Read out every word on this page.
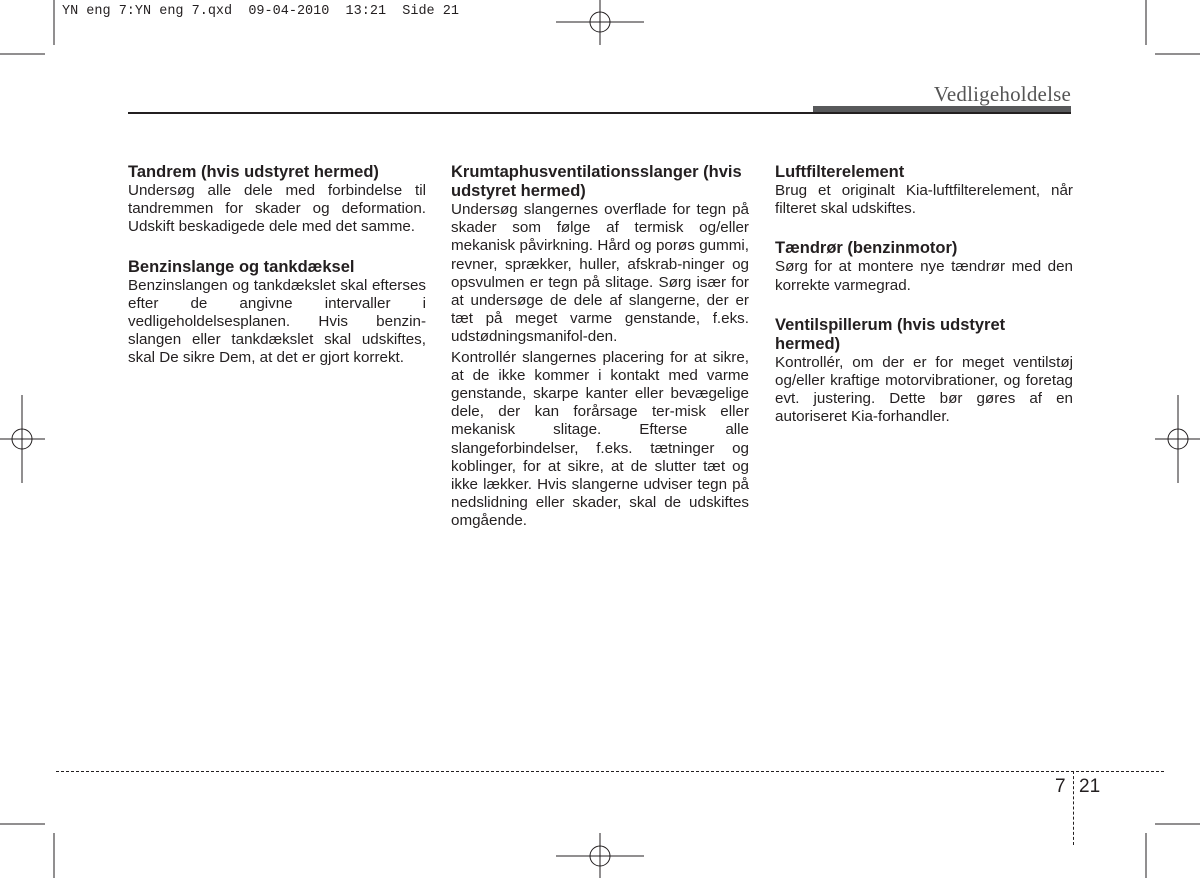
YN eng 7:YN eng 7.qxd  09-04-2010  13:21  Side 21
Vedligeholdelse
Tandrem (hvis udstyret hermed)

Undersøg alle dele med forbindelse til tandremmen for skader og deformation. Udskift beskadigede dele med det samme.

Benzinslange og tankdæksel

Benzinslangen og tankdækslet skal efterses efter de angivne intervaller i vedligeholdelsesplanen. Hvis benzin-slangen eller tankdækslet skal udskiftes, skal De sikre Dem, at det er gjort korrekt.

Krumtaphusventilationsslanger (hvis udstyret hermed)

Undersøg slangernes overflade for tegn på skader som følge af termisk og/eller mekanisk påvirkning. Hård og porøs gummi, revner, sprækker, huller, afskrab-ninger og opsvulmen er tegn på slitage. Sørg især for at undersøge de dele af slangerne, der er tæt på meget varme genstande, f.eks. udstødningsmanifol-den.

Kontrollér slangernes placering for at sikre, at de ikke kommer i kontakt med varme genstande, skarpe kanter eller bevægelige dele, der kan forårsage ter-misk eller mekanisk slitage. Efterse alle slangeforbindelser, f.eks. tætninger og koblinger, for at sikre, at de slutter tæt og ikke lækker. Hvis slangerne udviser tegn på nedslidning eller skader, skal de udskiftes omgående.

Luftfilterelement

Brug et originalt Kia-luftfilterelement, når filteret skal udskiftes.

Tændrør (benzinmotor)

Sørg for at montere nye tændrør med den korrekte varmegrad.

Ventilspillerum (hvis udstyret hermed)

Kontrollér, om der er for meget ventilstøj og/eller kraftige motorvibrationer, og foretag evt. justering. Dette bør gøres af en autoriseret Kia-forhandler.

7 21
